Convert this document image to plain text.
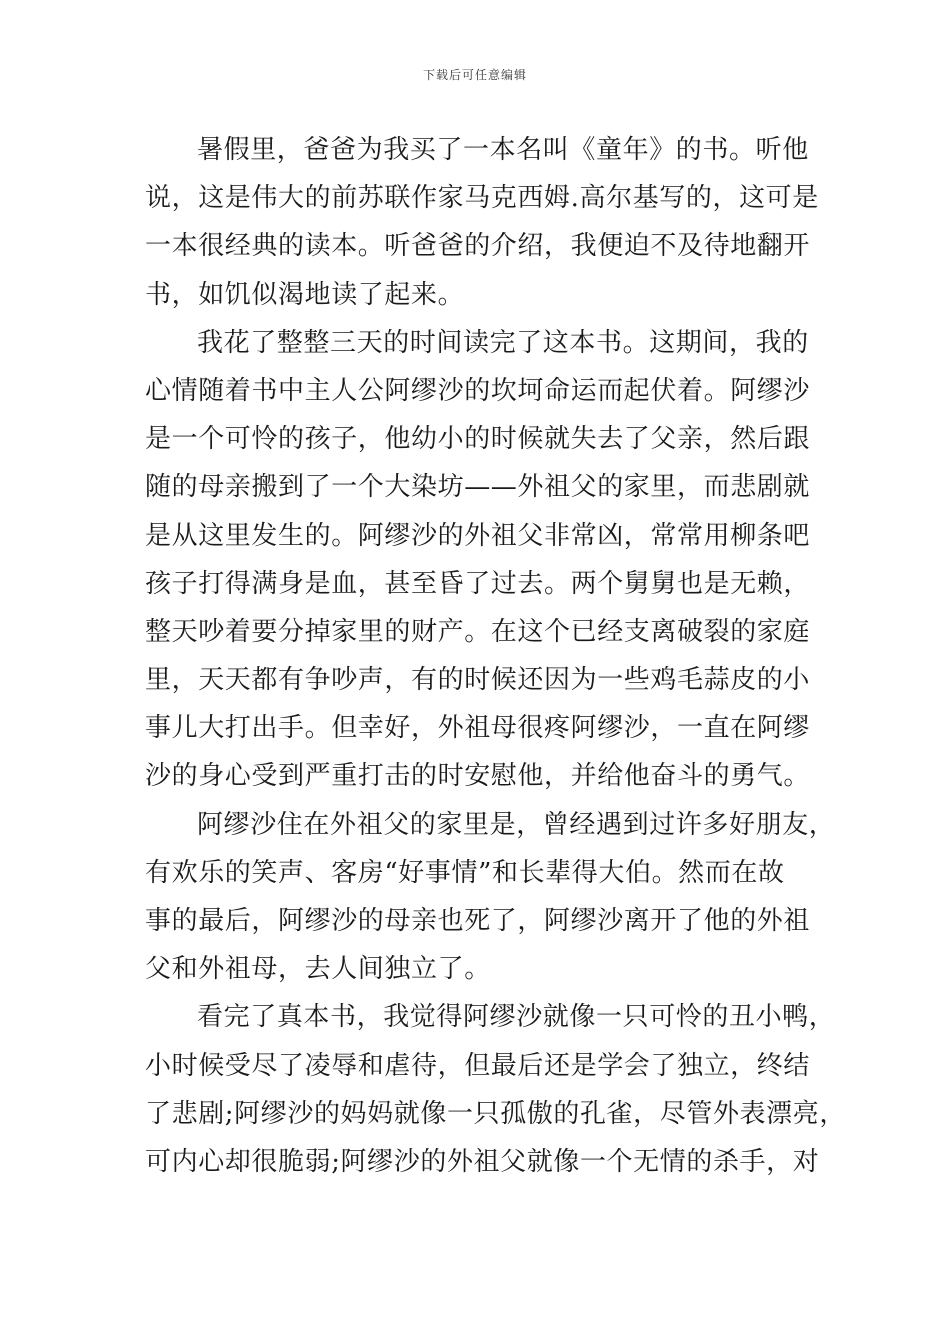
下载后可任意编辑
暑假里，爸爸为我买了一本名叫《童年》的书。听他
说，这是伟大的前苏联作家马克西姆.高尔基写的，这可是
一本很经典的读本。听爸爸的介绍，我便迫不及待地翻开
书，如饥似渴地读了起来。
我花了整整三天的时间读完了这本书。这期间，我的
心情随着书中主人公阿缪沙的坎坷命运而起伏着。阿缪沙
是一个可怜的孩子，他幼小的时候就失去了父亲，然后跟
随的母亲搬到了一个大染坊——外祖父的家里，而悲剧就
是从这里发生的。阿缪沙的外祖父非常凶，常常用柳条吧
孩子打得满身是血，甚至昏了过去。两个舅舅也是无赖，
整天吵着要分掉家里的财产。在这个已经支离破裂的家庭
里，天天都有争吵声，有的时候还因为一些鸡毛蒜皮的小
事儿大打出手。但幸好，外祖母很疼阿缪沙，一直在阿缪
沙的身心受到严重打击的时安慰他，并给他奋斗的勇气。
阿缪沙住在外祖父的家里是，曾经遇到过许多好朋友，
有欢乐的笑声、客房“好事情”和长辈得大伯。然而在故
事的最后，阿缪沙的母亲也死了，阿缪沙离开了他的外祖
父和外祖母，去人间独立了。
看完了真本书，我觉得阿缪沙就像一只可怜的丑小鸭，
小时候受尽了凌辱和虐待，但最后还是学会了独立，终结
了悲剧;阿缪沙的妈妈就像一只孤傲的孔雀，尽管外表漂亮，
可内心却很脆弱;阿缪沙的外祖父就像一个无情的杀手，对
